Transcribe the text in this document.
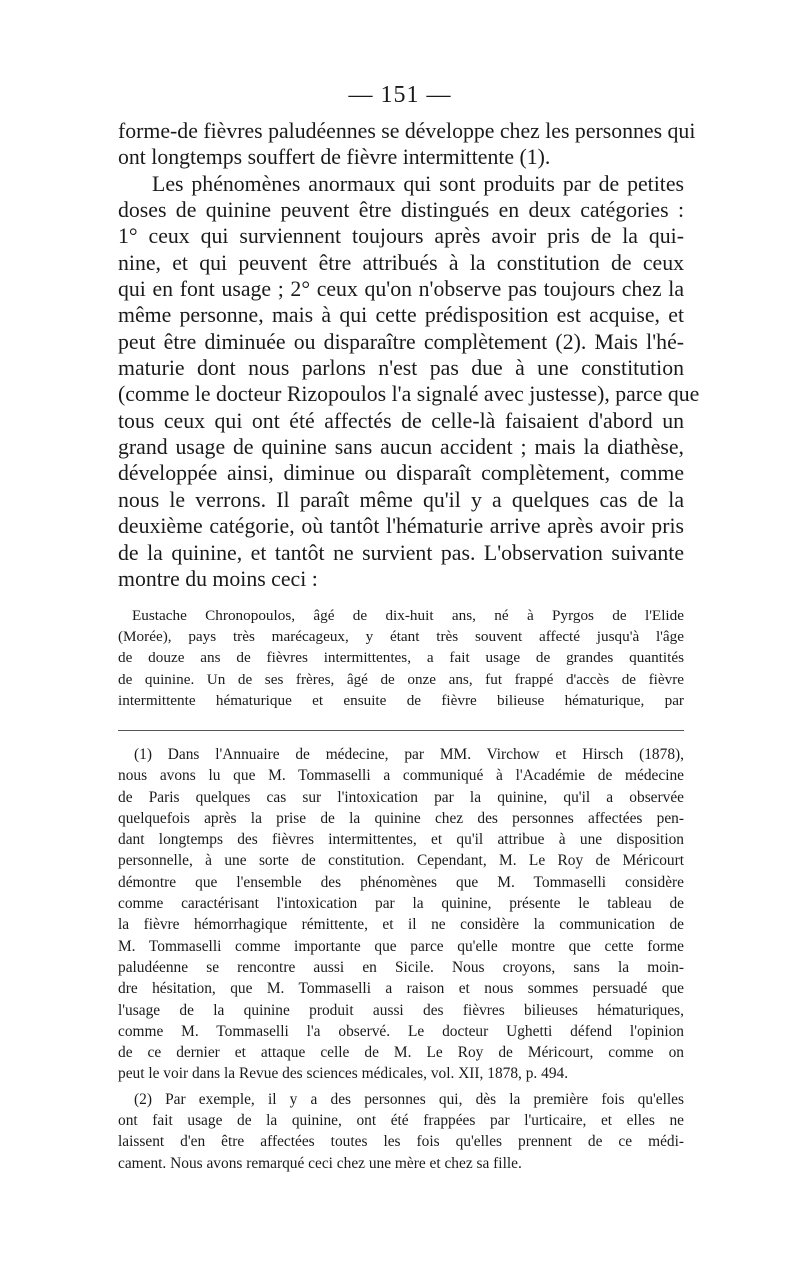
— 151 —
forme-de fièvres paludéennes se développe chez les personnes qui
ont longtemps souffert de fièvre intermittente (1).
Les phénomènes anormaux qui sont produits par de petites
doses de quinine peuvent être distingués en deux catégories :
1° ceux qui surviennent toujours après avoir pris de la qui-
nine, et qui peuvent être attribués à la constitution de ceux
qui en font usage ; 2° ceux qu'on n'observe pas toujours chez la
même personne, mais à qui cette prédisposition est acquise, et
peut être diminuée ou disparaître complètement (2). Mais l'hé-
maturie dont nous parlons n'est pas due à une constitution
(comme le docteur Rizopoulos l'a signalé avec justesse), parce que
tous ceux qui ont été affectés de celle-là faisaient d'abord un
grand usage de quinine sans aucun accident ; mais la diathèse,
développée ainsi, diminue ou disparaît complètement, comme
nous le verrons. Il paraît même qu'il y a quelques cas de la
deuxième catégorie, où tantôt l'hématurie arrive après avoir pris
de la quinine, et tantôt ne survient pas. L'observation suivante
montre du moins ceci :
Eustache Chronopoulos, âgé de dix-huit ans, né à Pyrgos de l'Elide
(Morée), pays très marécageux, y étant très souvent affecté jusqu'à l'âge
de douze ans de fièvres intermittentes, a fait usage de grandes quantités
de quinine. Un de ses frères, âgé de onze ans, fut frappé d'accès de fièvre
intermittente hématurique et ensuite de fièvre bilieuse hématurique, par
(1) Dans l'Annuaire de médecine, par MM. Virchow et Hirsch (1878),
nous avons lu que M. Tommaselli a communiqué à l'Académie de médecine
de Paris quelques cas sur l'intoxication par la quinine, qu'il a observée
quelquefois après la prise de la quinine chez des personnes affectées pen-
dant longtemps des fièvres intermittentes, et qu'il attribue à une disposition
personnelle, à une sorte de constitution. Cependant, M. Le Roy de Méricourt
démontre que l'ensemble des phénomènes que M. Tommaselli considère
comme caractérisant l'intoxication par la quinine, présente le tableau de
la fièvre hémorrhagique rémittente, et il ne considère la communication de
M. Tommaselli comme importante que parce qu'elle montre que cette forme
paludéenne se rencontre aussi en Sicile. Nous croyons, sans la moin-
dre hésitation, que M. Tommaselli a raison et nous sommes persuadé que
l'usage de la quinine produit aussi des fièvres bilieuses hématuriques,
comme M. Tommaselli l'a observé. Le docteur Ughetti défend l'opinion
de ce dernier et attaque celle de M. Le Roy de Méricourt, comme on
peut le voir dans la Revue des sciences médicales, vol. XII, 1878, p. 494.
(2) Par exemple, il y a des personnes qui, dès la première fois qu'elles
ont fait usage de la quinine, ont été frappées par l'urticaire, et elles ne
laissent d'en être affectées toutes les fois qu'elles prennent de ce médi-
cament. Nous avons remarqué ceci chez une mère et chez sa fille.
